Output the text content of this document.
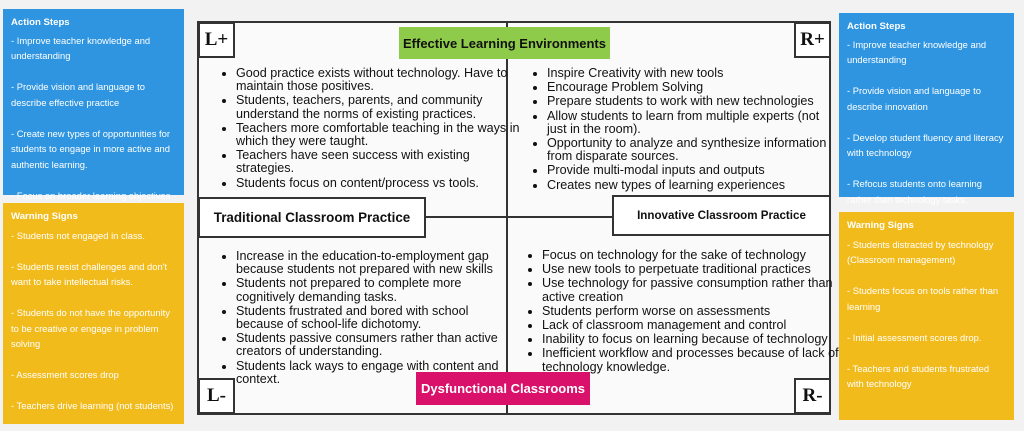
Action Steps
- Improve teacher knowledge and understanding
- Provide vision and language to describe effective practice
- Create new types of opportunities for students to engage in more active and authentic learning.
- Focus on broader learning objectives
Warning Signs
- Students not engaged in class.
- Students resist challenges and don't want to take intellectual risks.
- Students do not have the opportunity to be creative or engage in problem solving
- Assessment scores drop
- Teachers drive learning (not students)
Action Steps
- Improve teacher knowledge and understanding
- Provide vision and language to describe innovation
- Develop student fluency and literacy with technology
- Refocus students onto learning rather than technology tasks.
Warning Signs
- Students distracted by technology (Classroom management)
- Students focus on tools rather than learning
- Initial assessment scores drop.
- Teachers and students frustrated with technology
L+	R+
L-	R-
Effective Learning Environments
Dysfunctional Classrooms
Traditional Classroom Practice	Innovative Classroom Practice
• Good practice exists without technology. Have to maintain those positives.
• Students, teachers, parents, and community understand the norms of existing practices.
• Teachers more comfortable teaching in the ways in which they were taught.
• Teachers have seen success with existing strategies.
• Students focus on content/process vs tools.
• Inspire Creativity with new tools
• Encourage Problem Solving
• Prepare students to work with new technologies
• Allow students to learn from multiple experts (not just in the room).
• Opportunity to analyze and synthesize information from disparate sources.
• Provide multi-modal inputs and outputs
• Creates new types of learning experiences
• Increase in the education-to-employment gap because students not prepared with new skills
• Students not prepared to complete more cognitively demanding tasks.
• Students frustrated and bored with school because of school-life dichotomy.
• Students passive consumers rather than active creators of understanding.
• Students lack ways to engage with content and context.
• Focus on technology for the sake of technology
• Use new tools to perpetuate traditional practices
• Use technology for passive consumption rather than active creation
• Students perform worse on assessments
• Lack of classroom management and control
• Inability to focus on learning because of technology
• Inefficient workflow and processes because of lack of technology knowledge.
